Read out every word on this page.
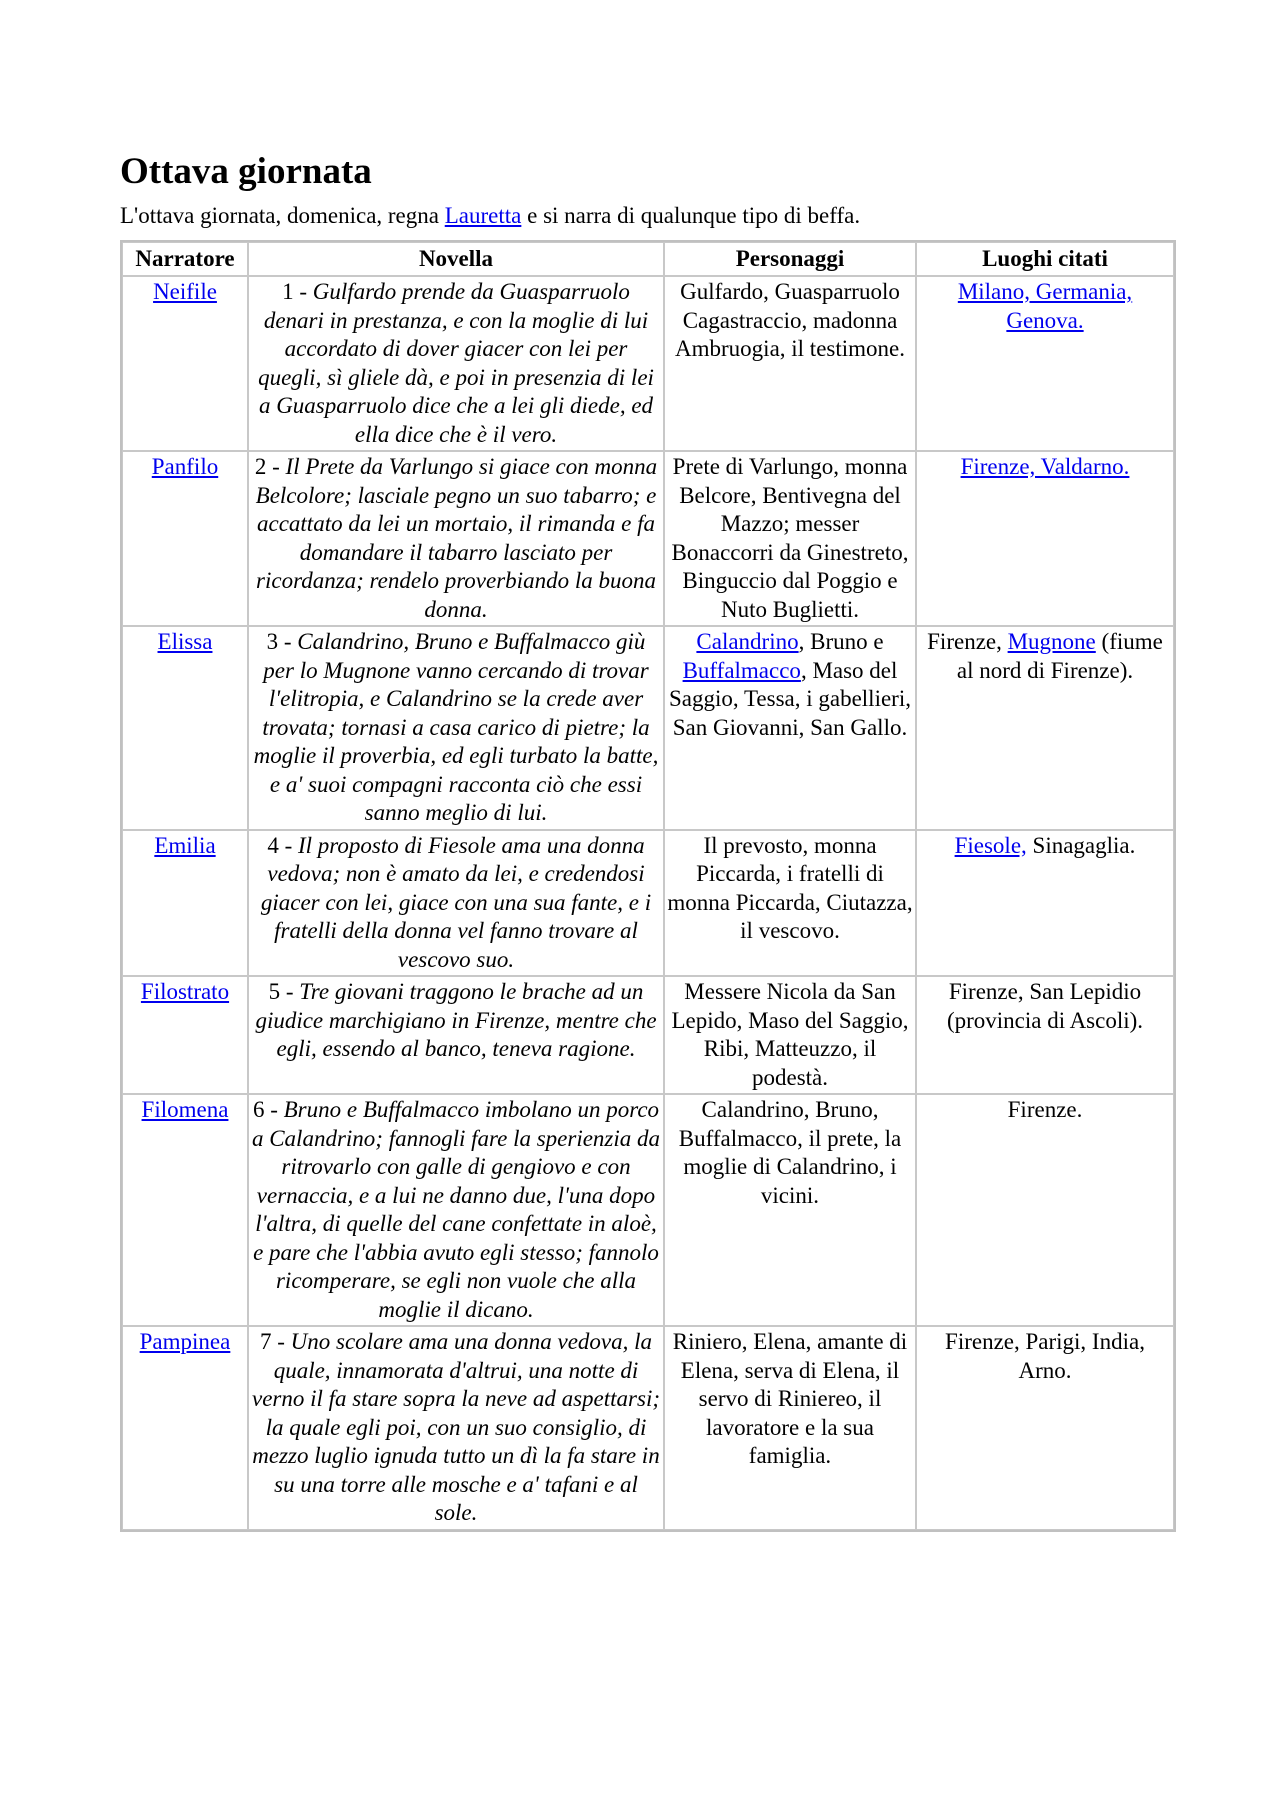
Ottava giornata

L'ottava giornata, domenica, regna Lauretta e si narra di qualunque tipo di beffa.

Narratore	Novella	Personaggi	Luoghi citati
Neifile	1 - Gulfardo prende da Guasparruolo denari in prestanza, e con la moglie di lui accordato di dover giacer con lei per quegli, sì gliele dà, e poi in presenzia di lei a Guasparruolo dice che a lei gli diede, ed ella dice che è il vero.	Gulfardo, Guasparruolo Cagastraccio, madonna Ambruogia, il testimone.	Milano, Germania, Genova.
Panfilo	2 - Il Prete da Varlungo si giace con monna Belcolore; lasciale pegno un suo tabarro; e accattato da lei un mortaio, il rimanda e fa domandare il tabarro lasciato per ricordanza; rendelo proverbiando la buona donna.	Prete di Varlungo, monna Belcore, Bentivegna del Mazzo; messer Bonaccorri da Ginestreto, Binguccio dal Poggio e Nuto Buglietti.	Firenze, Valdarno.
Elissa	3 - Calandrino, Bruno e Buffalmacco giù per lo Mugnone vanno cercando di trovar l'elitropia, e Calandrino se la crede aver trovata; tornasi a casa carico di pietre; la moglie il proverbia, ed egli turbato la batte, e a' suoi compagni racconta ciò che essi sanno meglio di lui.	Calandrino, Bruno e Buffalmacco, Maso del Saggio, Tessa, i gabellieri, San Giovanni, San Gallo.	Firenze, Mugnone (fiume al nord di Firenze).
Emilia	4 - Il proposto di Fiesole ama una donna vedova; non è amato da lei, e credendosi giacer con lei, giace con una sua fante, e i fratelli della donna vel fanno trovare al vescovo suo.	Il prevosto, monna Piccarda, i fratelli di monna Piccarda, Ciutazza, il vescovo.	Fiesole, Sinagaglia.
Filostrato	5 - Tre giovani traggono le brache ad un giudice marchigiano in Firenze, mentre che egli, essendo al banco, teneva ragione.	Messere Nicola da San Lepido, Maso del Saggio, Ribi, Matteuzzo, il podestà.	Firenze, San Lepidio (provincia di Ascoli).
Filomena	6 - Bruno e Buffalmacco imbolano un porco a Calandrino; fannogli fare la sperienzia da ritrovarlo con galle di gengiovo e con vernaccia, e a lui ne danno due, l'una dopo l'altra, di quelle del cane confettate in aloè, e pare che l'abbia avuto egli stesso; fannolo ricomperare, se egli non vuole che alla moglie il dicano.	Calandrino, Bruno, Buffalmacco, il prete, la moglie di Calandrino, i vicini.	Firenze.
Pampinea	7 - Uno scolare ama una donna vedova, la quale, innamorata d'altrui, una notte di verno il fa stare sopra la neve ad aspettarsi; la quale egli poi, con un suo consiglio, di mezzo luglio ignuda tutto un dì la fa stare in su una torre alle mosche e a' tafani e al sole.	Riniero, Elena, amante di Elena, serva di Elena, il servo di Riniereo, il lavoratore e la sua famiglia.	Firenze, Parigi, India, Arno.
